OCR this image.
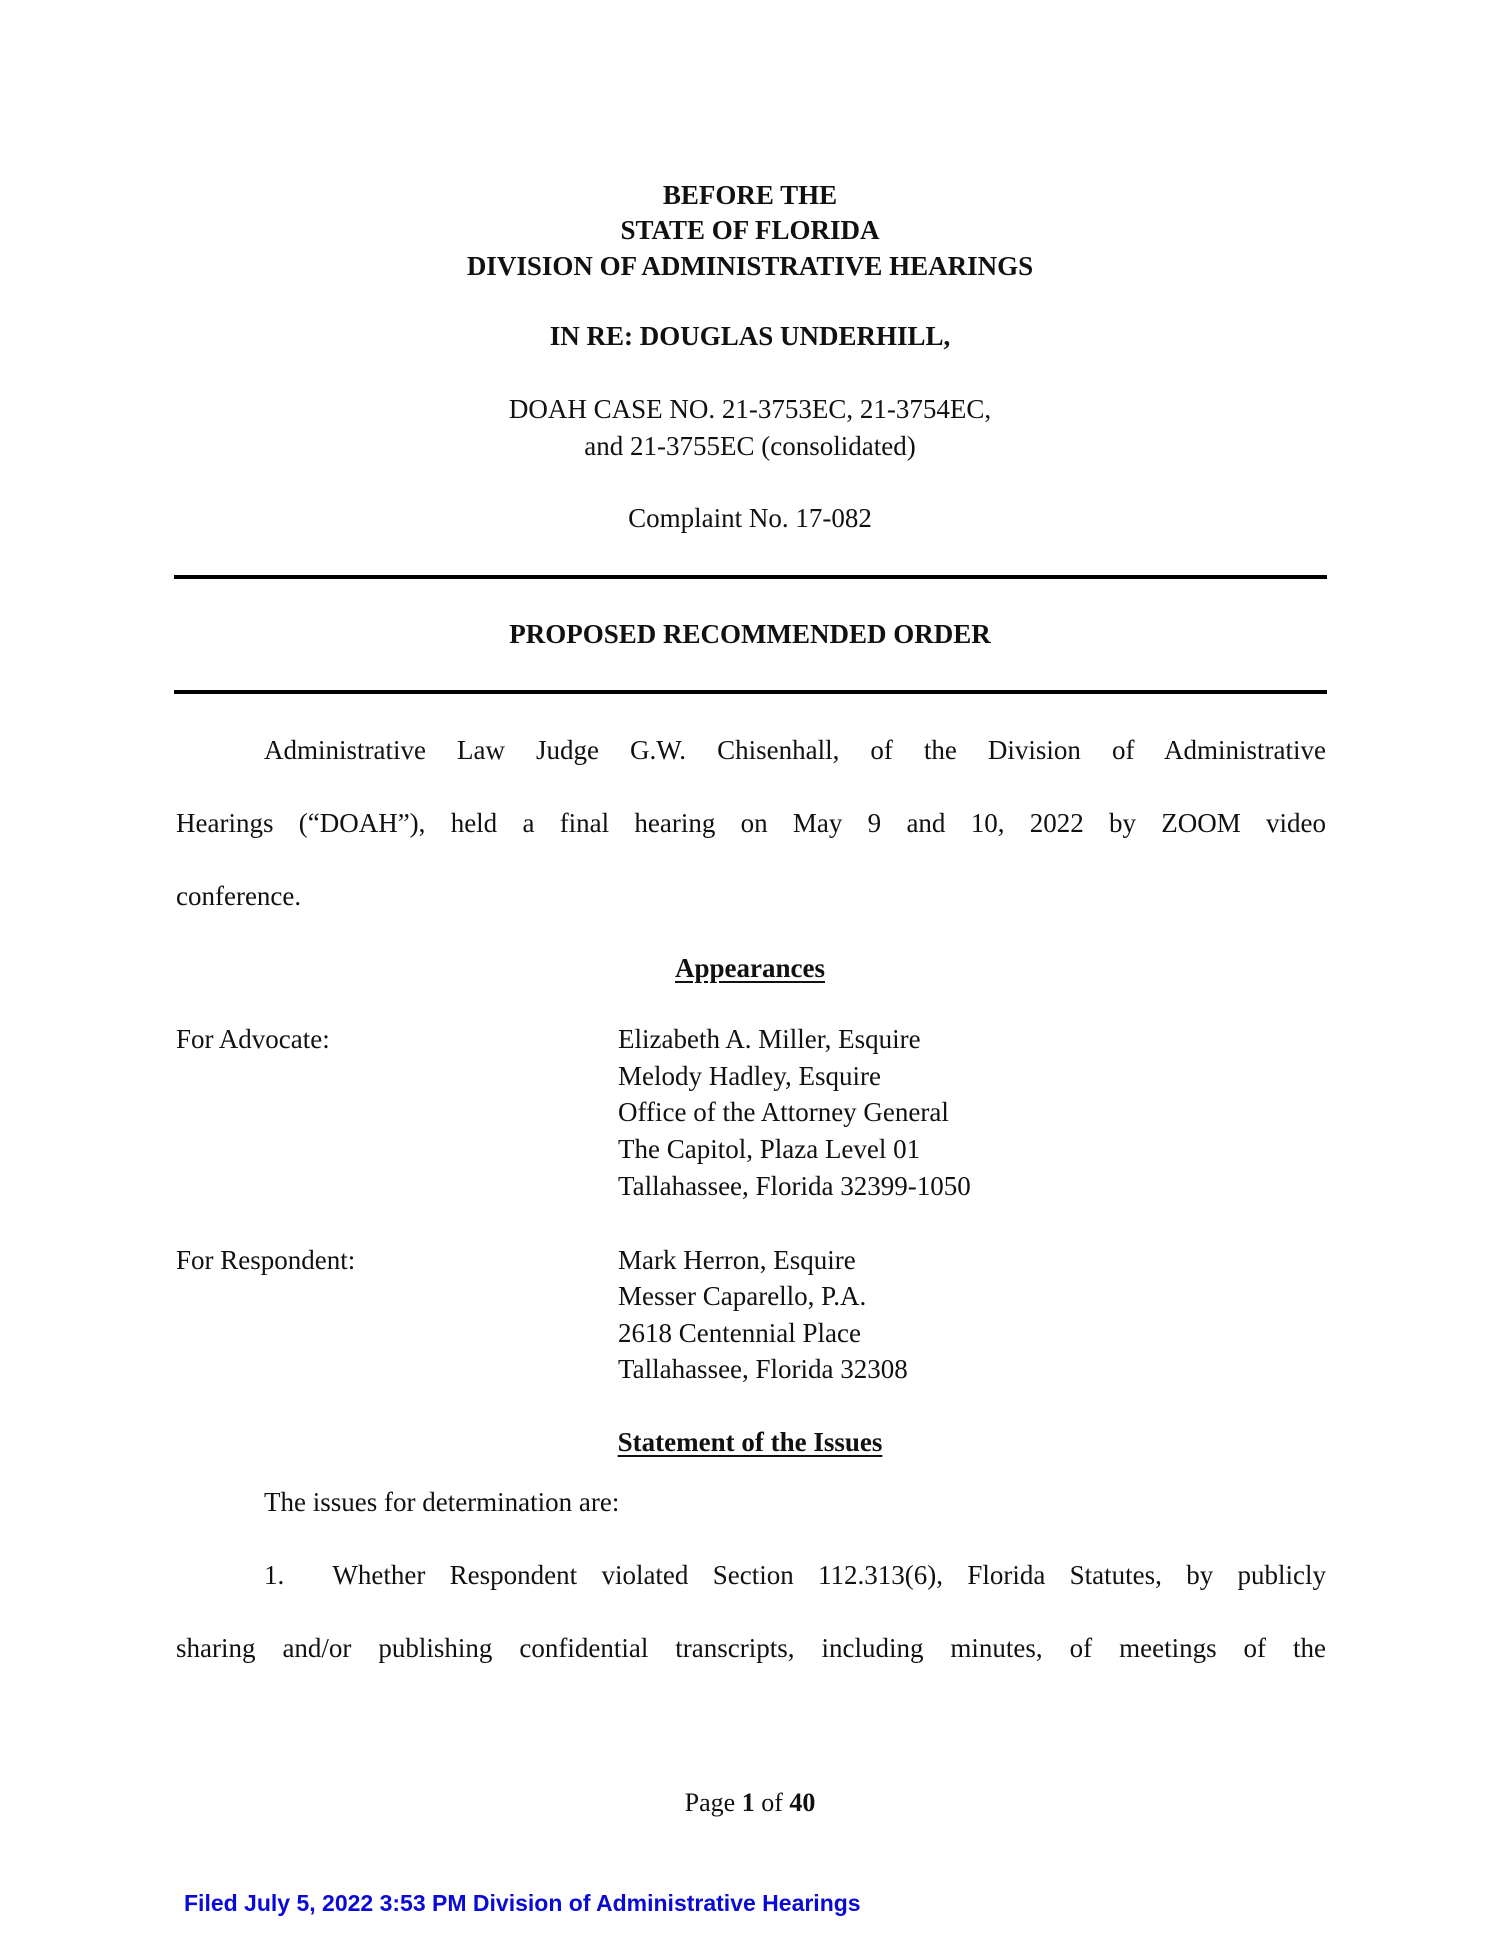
BEFORE THE
STATE OF FLORIDA
DIVISION OF ADMINISTRATIVE HEARINGS
IN RE: DOUGLAS UNDERHILL,
DOAH CASE NO. 21-3753EC, 21-3754EC,
and 21-3755EC (consolidated)
Complaint No. 17-082
PROPOSED RECOMMENDED ORDER
Administrative Law Judge G.W. Chisenhall, of the Division of Administrative
Hearings (“DOAH”), held a final hearing on May 9 and 10, 2022 by ZOOM video
conference.
Appearances
For Advocate:	Elizabeth A. Miller, Esquire
Melody Hadley, Esquire
Office of the Attorney General
The Capitol, Plaza Level 01
Tallahassee, Florida 32399-1050
For Respondent:	Mark Herron, Esquire
Messer Caparello, P.A.
2618 Centennial Place
Tallahassee, Florida 32308
Statement of the Issues
The issues for determination are:
1.  Whether Respondent violated Section 112.313(6), Florida Statutes, by publicly
sharing and/or publishing confidential transcripts, including minutes, of meetings of the
Page 1 of 40
Filed July 5, 2022 3:53 PM Division of Administrative Hearings
